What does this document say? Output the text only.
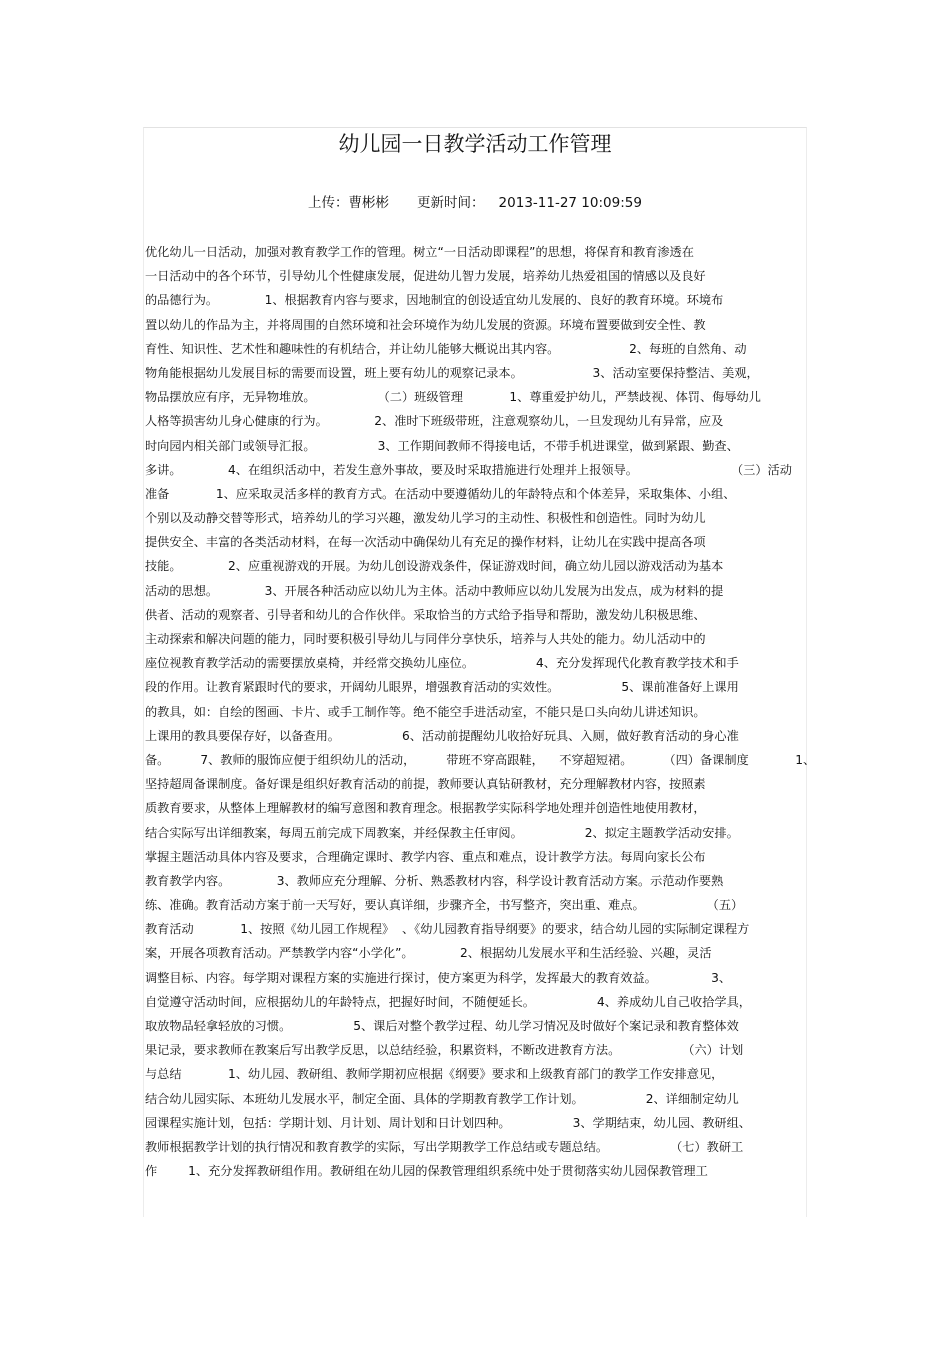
幼儿园一日教学活动工作管理
上传：曹彬彬 更新时间： 2013-11-27 10:09:59
优化幼儿一日活动，加强对教育教学工作的管理。树立“一日活动即课程”的思想，将保育和教育渗透在
一日活动中的各个环节，引导幼儿个性健康发展，促进幼儿智力发展，培养幼儿热爱祖国的情感以及良好
的品德行为。            1、根据教育内容与要求，因地制宜的创设适宜幼儿发展的、良好的教育环境。环境布
置以幼儿的作品为主，并将周围的自然环境和社会环境作为幼儿发展的资源。环境布置要做到安全性、教
育性、知识性、艺术性和趣味性的有机结合，并让幼儿能够大概说出其内容。                  2、每班的自然角、动
物角能根据幼儿发展目标的需要而设置，班上要有幼儿的观察记录本。                  3、活动室要保持整洁、美观，
物品摆放应有序，无异物堆放。                （二）班级管理            1、尊重爱护幼儿，严禁歧视、体罚、侮辱幼儿
人格等损害幼儿身心健康的行为。            2、准时下班级带班，注意观察幼儿，一旦发现幼儿有异常，应及
时向园内相关部门或领导汇报。                3、工作期间教师不得接电话，不带手机进课堂，做到紧跟、勤查、
多讲。            4、在组织活动中，若发生意外事故，要及时采取措施进行处理并上报领导。                        （三）活动
准备            1、应采取灵活多样的教育方式。在活动中要遵循幼儿的年龄特点和个体差异，采取集体、小组、
个别以及动静交替等形式，培养幼儿的学习兴趣，激发幼儿学习的主动性、积极性和创造性。同时为幼儿
提供安全、丰富的各类活动材料，在每一次活动中确保幼儿有充足的操作材料，让幼儿在实践中提高各项
技能。            2、应重视游戏的开展。为幼儿创设游戏条件，保证游戏时间，确立幼儿园以游戏活动为基本
活动的思想。            3、开展各种活动应以幼儿为主体。活动中教师应以幼儿发展为出发点，成为材料的提
供者、活动的观察者、引导者和幼儿的合作伙伴。采取恰当的方式给予指导和帮助，激发幼儿积极思维、
主动探索和解决问题的能力，同时要积极引导幼儿与同伴分享快乐，培养与人共处的能力。幼儿活动中的
座位视教育教学活动的需要摆放桌椅，并经常交换幼儿座位。                4、充分发挥现代化教育教学技术和手
段的作用。让教育紧跟时代的要求，开阔幼儿眼界，增强教育活动的实效性。                5、课前准备好上课用
的教具，如：自绘的图画、卡片、或手工制作等。绝不能空手进活动室，不能只是口头向幼儿讲述知识。
上课用的教具要保存好，以备查用。                6、活动前提醒幼儿收拾好玩具、入厕，做好教育活动的身心准
备。        7、教师的服饰应便于组织幼儿的活动，        带班不穿高跟鞋，    不穿超短裙。        （四）备课制度            1、
坚持超周备课制度。备好课是组织好教育活动的前提，教师要认真钻研教材，充分理解教材内容，按照素
质教育要求，从整体上理解教材的编写意图和教育理念。根据教学实际科学地处理并创造性地使用教材，
结合实际写出详细教案，每周五前完成下周教案，并经保教主任审阅。                2、拟定主题教学活动安排。
掌握主题活动具体内容及要求，合理确定课时、教学内容、重点和难点，设计教学方法。每周向家长公布
教育教学内容。            3、教师应充分理解、分析、熟悉教材内容，科学设计教育活动方案。示范动作要熟
练、准确。教育活动方案于前一天写好，要认真详细，步骤齐全，书写整齐，突出重、难点。                （五）
教育活动            1、按照《幼儿园工作规程》  、《幼儿园教育指导纲要》的要求，结合幼儿园的实际制定课程方
案，开展各项教育活动。严禁教学内容“小学化”。            2、根据幼儿发展水平和生活经验、兴趣，灵活
调整目标、内容。每学期对课程方案的实施进行探讨，使方案更为科学，发挥最大的教育效益。              3、
自觉遵守活动时间，应根据幼儿的年龄特点，把握好时间，不随便延长。                4、养成幼儿自己收拾学具，
取放物品轻拿轻放的习惯。                5、课后对整个教学过程、幼儿学习情况及时做好个案记录和教育整体效
果记录，要求教师在教案后写出教学反思，以总结经验，积累资料，不断改进教育方法。                （六）计划
与总结            1、幼儿园、教研组、教师学期初应根据《纲要》要求和上级教育部门的教学工作安排意见，
结合幼儿园实际、本班幼儿发展水平，制定全面、具体的学期教育教学工作计划。                2、详细制定幼儿
园课程实施计划，包括：学期计划、月计划、周计划和日计划四种。                3、学期结束，幼儿园、教研组、
教师根据教学计划的执行情况和教育教学的实际，写出学期教学工作总结或专题总结。                （七）教研工
作        1、充分发挥教研组作用。教研组在幼儿园的保教管理组织系统中处于贯彻落实幼儿园保教管理工
